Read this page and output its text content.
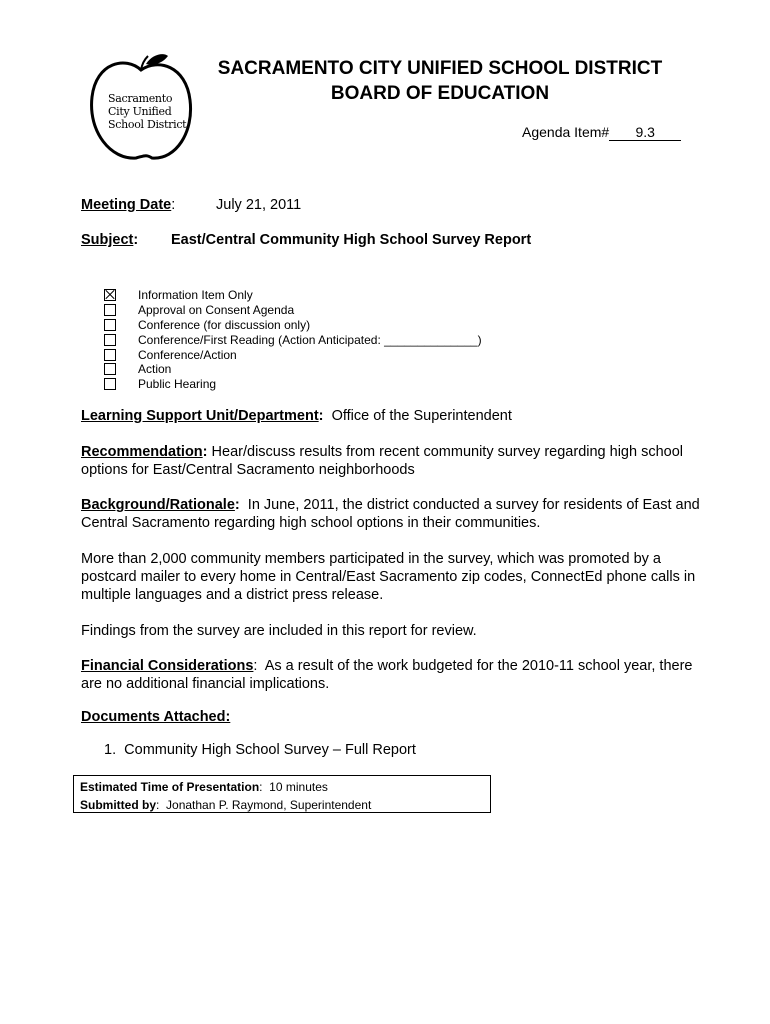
Sacramento
City Unified
School District
SACRAMENTO CITY UNIFIED SCHOOL DISTRICT
BOARD OF EDUCATION
Agenda Item# 9.3
Meeting Date:	July 21, 2011
Subject: East/Central Community High School Survey Report
Information Item Only
Approval on Consent Agenda
Conference (for discussion only)
Conference/First Reading (Action Anticipated: ______________)
Conference/Action
Action
Public Hearing
Learning Support Unit/Department: Office of the Superintendent
Recommendation: Hear/discuss results from recent community survey regarding high school options for East/Central Sacramento neighborhoods
Background/Rationale: In June, 2011, the district conducted a survey for residents of East and Central Sacramento regarding high school options in their communities.
More than 2,000 community members participated in the survey, which was promoted by a postcard mailer to every home in Central/East Sacramento zip codes, ConnectEd phone calls in multiple languages and a district press release.
Findings from the survey are included in this report for review.
Financial Considerations:  As a result of the work budgeted for the 2010-11 school year, there are no additional financial implications.
Documents Attached:
1.  Community High School Survey – Full Report
Estimated Time of Presentation:  10 minutes
Submitted by:  Jonathan P. Raymond, Superintendent
